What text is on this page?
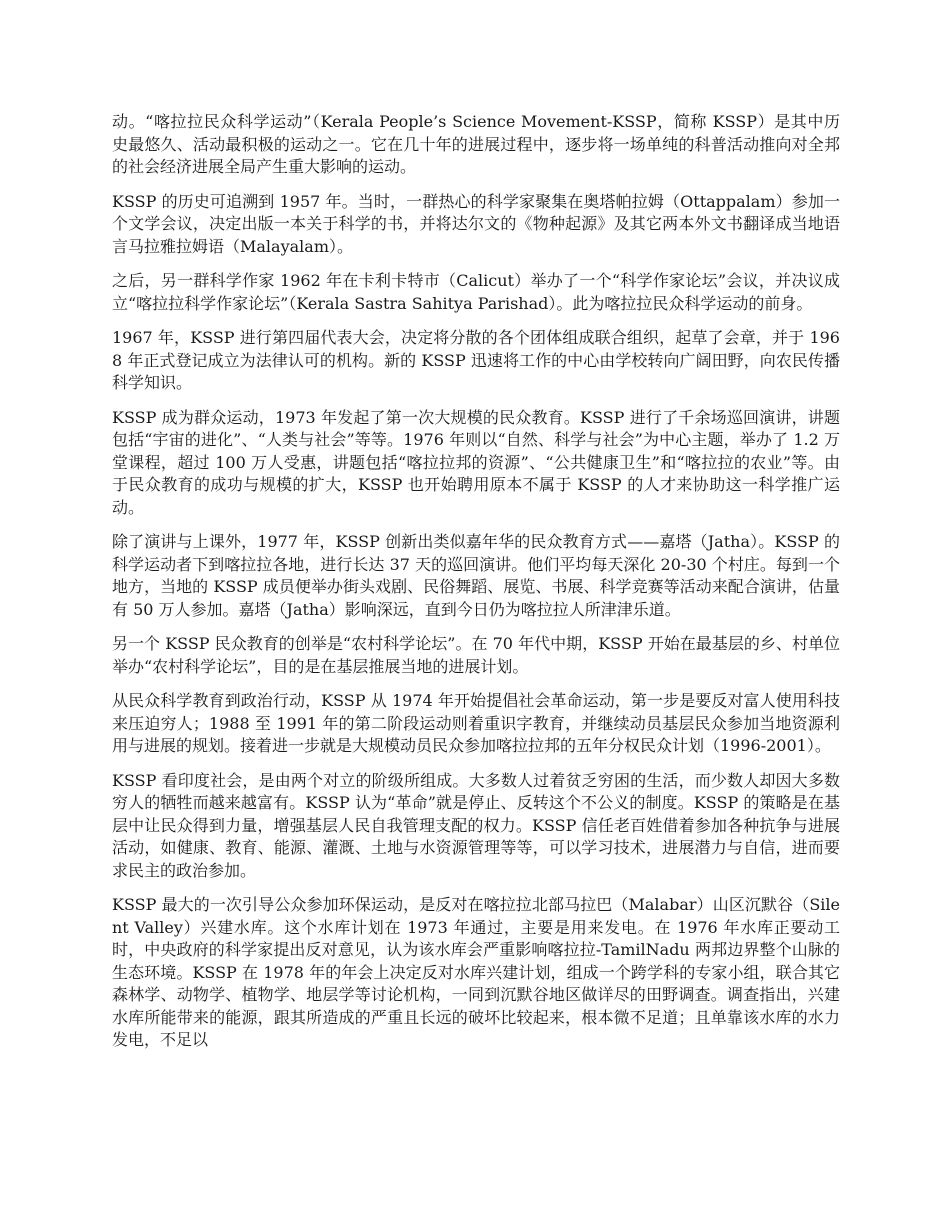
动。“喀拉拉民众科学运动”（Kerala People’s Science Movement-KSSP，简称 KSSP）是其中历史最悠久、活动最积极的运动之一。它在几十年的进展过程中，逐步将一场单纯的科普活动推向对全邦的社会经济进展全局产生重大影响的运动。

KSSP 的历史可追溯到 1957 年。当时，一群热心的科学家聚集在奥塔帕拉姆（Ottappalam）参加一个文学会议，决定出版一本关于科学的书，并将达尔文的《物种起源》及其它两本外文书翻译成当地语言马拉雅拉姆语（Malayalam）。

之后，另一群科学作家 1962 年在卡利卡特市（Calicut）举办了一个“科学作家论坛”会议，并决议成立“喀拉拉科学作家论坛”（Kerala Sastra Sahitya Parishad）。此为喀拉拉民众科学运动的前身。

1967 年，KSSP 进行第四届代表大会，决定将分散的各个团体组成联合组织，起草了会章，并于 1968 年正式登记成立为法律认可的机构。新的 KSSP 迅速将工作的中心由学校转向广阔田野，向农民传播科学知识。

KSSP 成为群众运动，1973 年发起了第一次大规模的民众教育。KSSP 进行了千余场巡回演讲，讲题包括“宇宙的进化”、“人类与社会”等等。1976 年则以“自然、科学与社会”为中心主题，举办了 1.2 万堂课程，超过 100 万人受惠，讲题包括“喀拉拉邦的资源”、“公共健康卫生”和“喀拉拉的农业”等。由于民众教育的成功与规模的扩大，KSSP 也开始聘用原本不属于 KSSP 的人才来协助这一科学推广运动。

除了演讲与上课外，1977 年，KSSP 创新出类似嘉年华的民众教育方式——嘉塔（Jatha）。KSSP 的科学运动者下到喀拉拉各地，进行长达 37 天的巡回演讲。他们平均每天深化 20-30 个村庄。每到一个地方，当地的 KSSP 成员便举办街头戏剧、民俗舞蹈、展览、书展、科学竞赛等活动来配合演讲，估量有 50 万人参加。嘉塔（Jatha）影响深远，直到今日仍为喀拉拉人所津津乐道。

另一个 KSSP 民众教育的创举是“农村科学论坛”。在 70 年代中期，KSSP 开始在最基层的乡、村单位举办“农村科学论坛”，目的是在基层推展当地的进展计划。

从民众科学教育到政治行动，KSSP 从 1974 年开始提倡社会革命运动，第一步是要反对富人使用科技来压迫穷人；1988 至 1991 年的第二阶段运动则着重识字教育，并继续动员基层民众参加当地资源利用与进展的规划。接着进一步就是大规模动员民众参加喀拉拉邦的五年分权民众计划（1996-2001）。

KSSP 看印度社会，是由两个对立的阶级所组成。大多数人过着贫乏穷困的生活，而少数人却因大多数穷人的牺牲而越来越富有。KSSP 认为“革命”就是停止、反转这个不公义的制度。KSSP 的策略是在基层中让民众得到力量，增强基层人民自我管理支配的权力。KSSP 信任老百姓借着参加各种抗争与进展活动，如健康、教育、能源、灌溉、土地与水资源管理等等，可以学习技术，进展潜力与自信，进而要求民主的政治参加。

KSSP 最大的一次引导公众参加环保运动，是反对在喀拉拉北部马拉巴（Malabar）山区沉默谷（Silent Valley）兴建水库。这个水库计划在 1973 年通过，主要是用来发电。在 1976 年水库正要动工时，中央政府的科学家提出反对意见，认为该水库会严重影响喀拉拉-TamilNadu 两邦边界整个山脉的生态环境。KSSP 在 1978 年的年会上决定反对水库兴建计划，组成一个跨学科的专家小组，联合其它森林学、动物学、植物学、地层学等讨论机构，一同到沉默谷地区做详尽的田野调查。调查指出，兴建水库所能带来的能源，跟其所造成的严重且长远的破坏比较起来，根本微不足道；且单靠该水库的水力发电，不足以
